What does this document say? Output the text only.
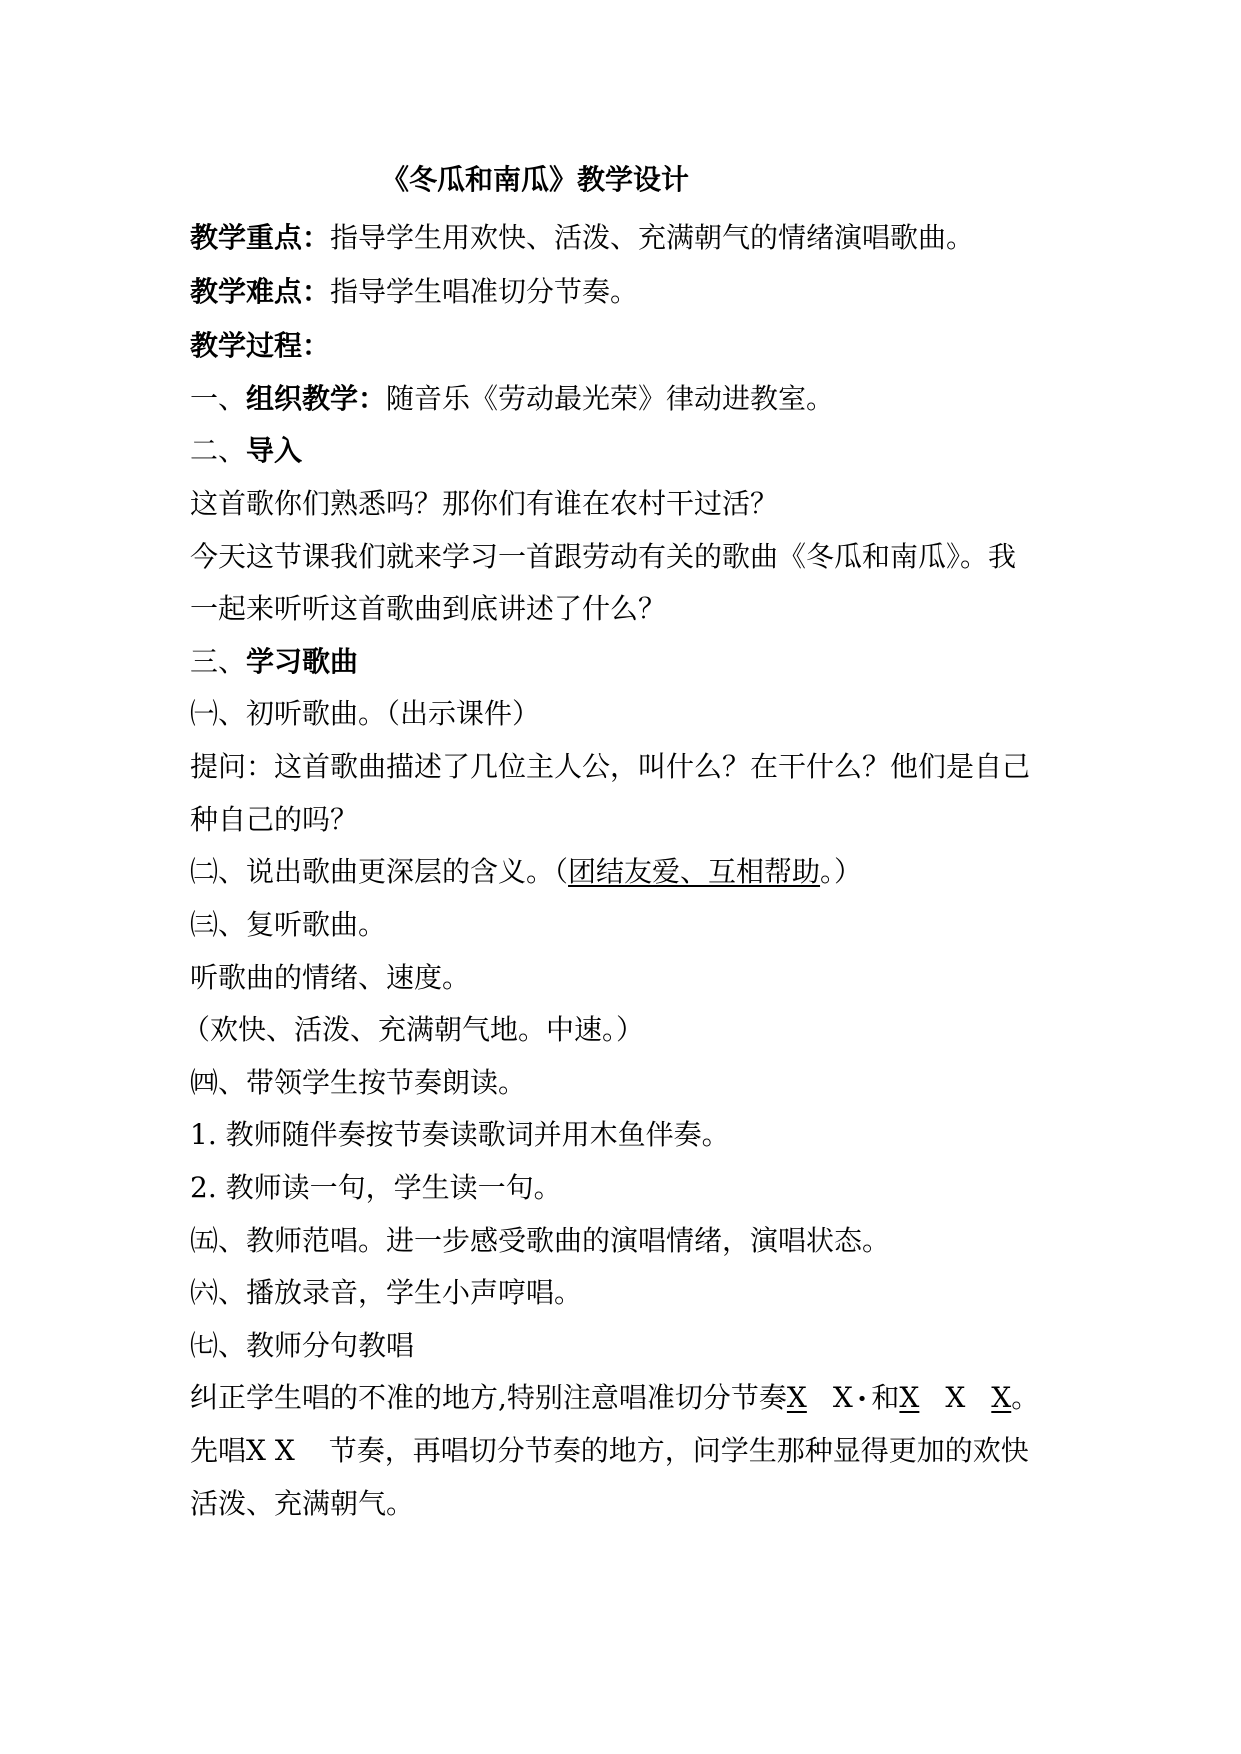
《冬瓜和南瓜》教学设计
教学重点：指导学生用欢快、活泼、充满朝气的情绪演唱歌曲。
教学难点：指导学生唱准切分节奏。
教学过程：
一、组织教学：随音乐《劳动最光荣》律动进教室。
二、导入
这首歌你们熟悉吗？那你们有谁在农村干过活？
今天这节课我们就来学习一首跟劳动有关的歌曲《冬瓜和南瓜》。我
一起来听听这首歌曲到底讲述了什么？
三、学习歌曲
㈠、初听歌曲。（出示课件）
提问：这首歌曲描述了几位主人公，叫什么？在干什么？他们是自己
种自己的吗？
㈡、说出歌曲更深层的含义。（团结友爱、互相帮助。）
㈢、复听歌曲。
听歌曲的情绪、速度。
（欢快、活泼、充满朝气地。中速。）
㈣、带领学生按节奏朗读。
1. 教师随伴奏按节奏读歌词并用木鱼伴奏。
2. 教师读一句，学生读一句。
㈤、教师范唱。进一步感受歌曲的演唱情绪，演唱状态。
㈥、播放录音，学生小声哼唱。
㈦、教师分句教唱
纠正学生唱的不准的地方,特别注意唱准切分节奏X X • 和X X X。
先唱X X 节奏，再唱切分节奏的地方，问学生那种显得更加的欢快
活泼、充满朝气。
